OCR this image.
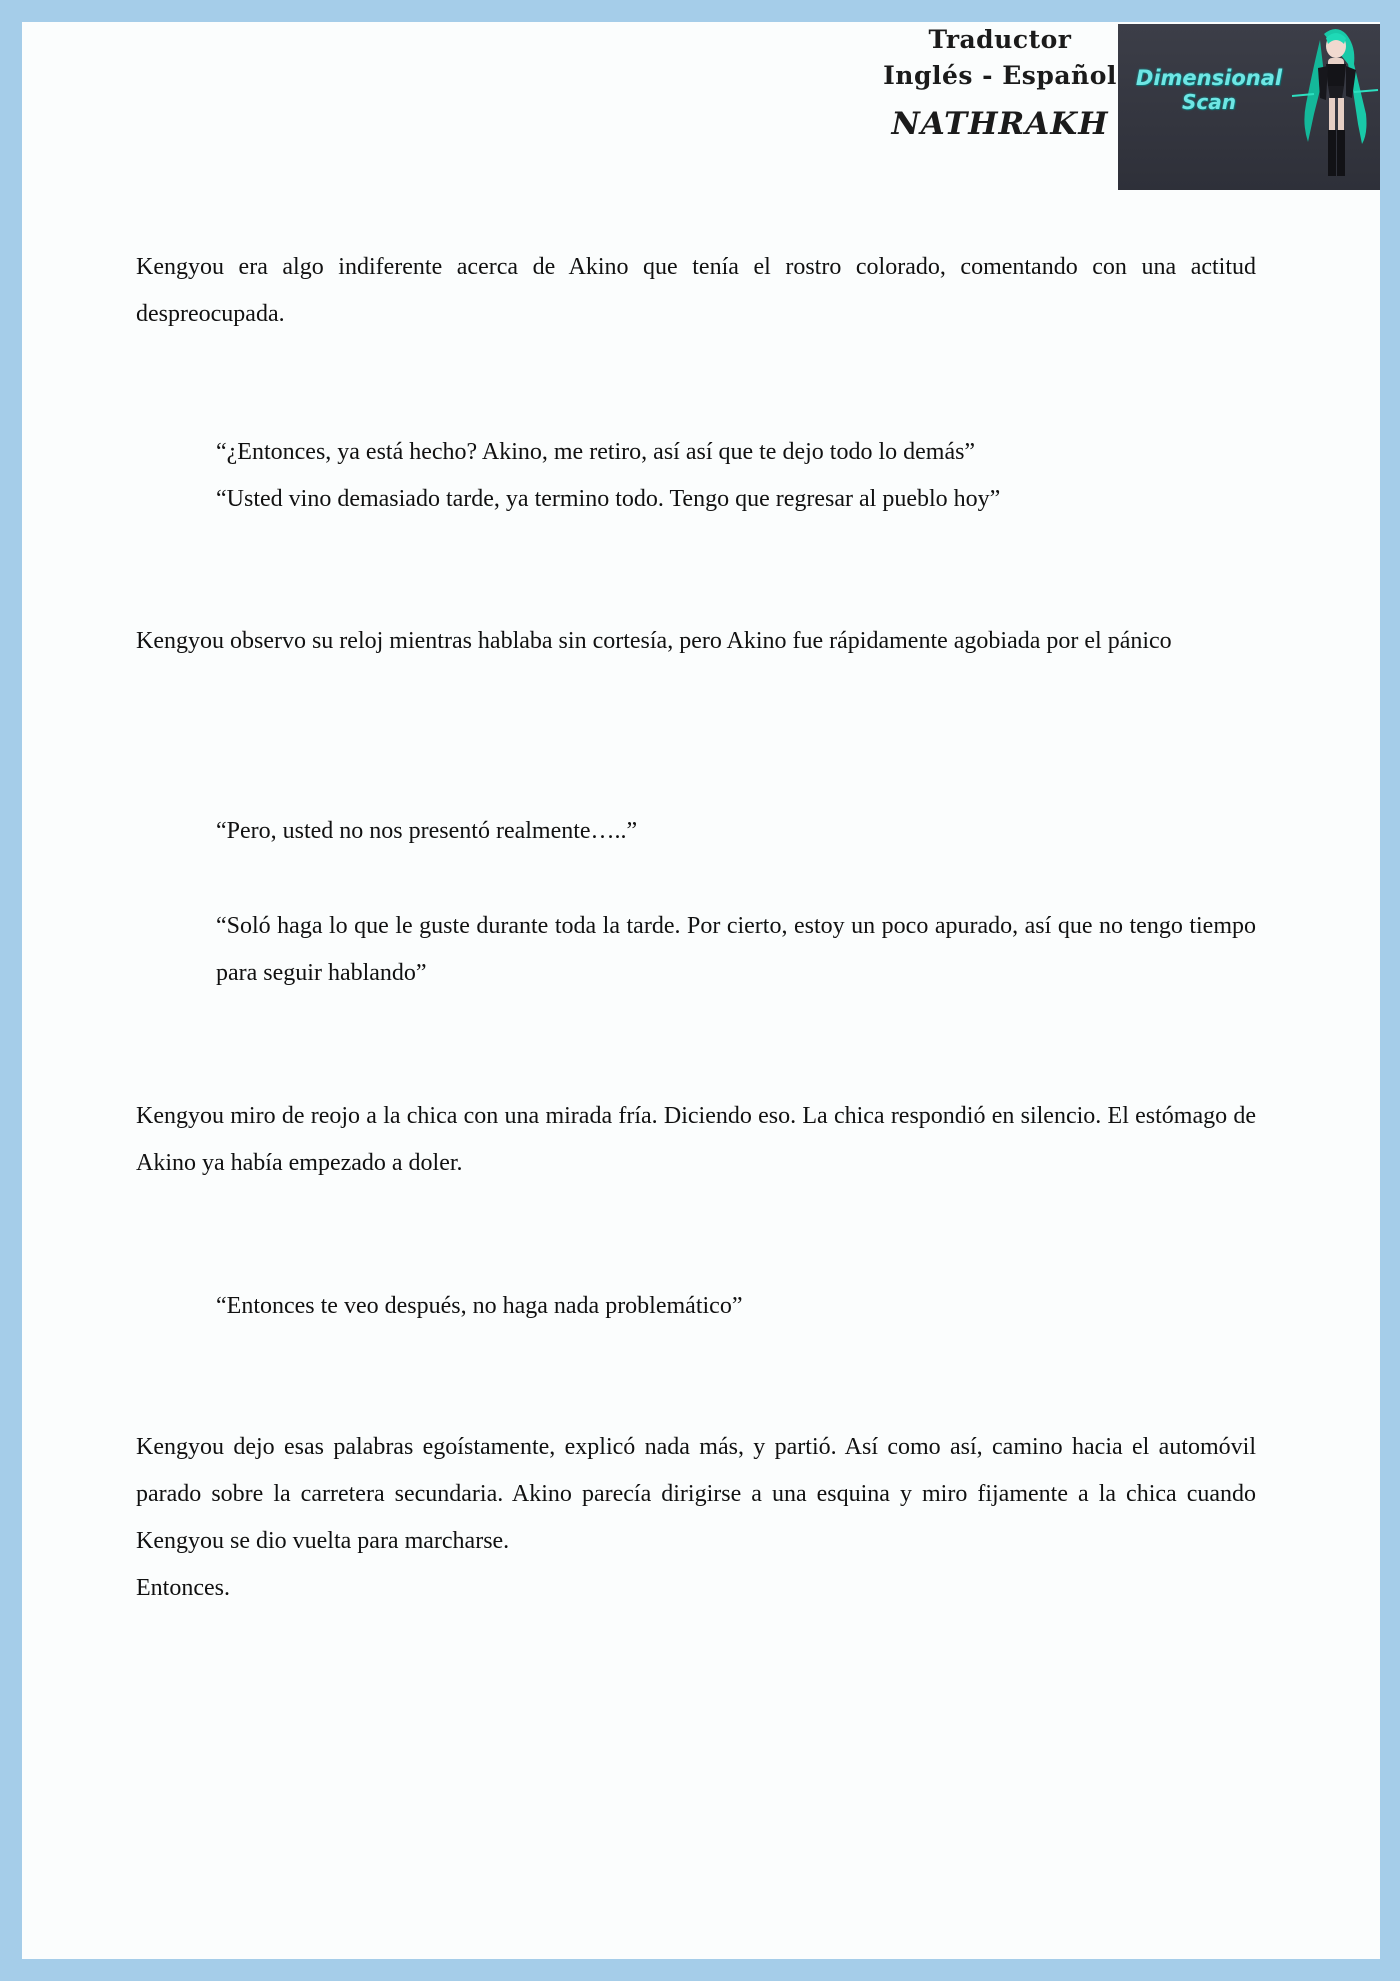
Traductor
Inglés - Español
NATHRAKH
Dimensional
Scan

Kengyou era algo indiferente acerca de Akino que tenía el rostro colorado, comentando con una actitud despreocupada.

“¿Entonces, ya está hecho? Akino, me retiro, así así que te dejo todo lo demás”

“Usted vino demasiado tarde, ya termino todo. Tengo que regresar al pueblo hoy”

Kengyou observo su reloj mientras hablaba sin cortesía, pero Akino fue rápidamente agobiada por el pánico

“Pero, usted no nos presentó realmente…..”

“Soló haga lo que le guste durante toda la tarde. Por cierto, estoy un poco apurado, así que no tengo tiempo para seguir hablando”

Kengyou miro de reojo a la chica con una mirada fría. Diciendo eso. La chica respondió en silencio. El estómago de Akino ya había empezado a doler.

“Entonces te veo después, no haga nada problemático”

Kengyou dejo esas palabras egoístamente, explicó nada más, y partió. Así como así, camino hacia el automóvil parado sobre la carretera secundaria. Akino parecía dirigirse a una esquina y miro fijamente a la chica cuando Kengyou se dio vuelta para marcharse.

Entonces.
